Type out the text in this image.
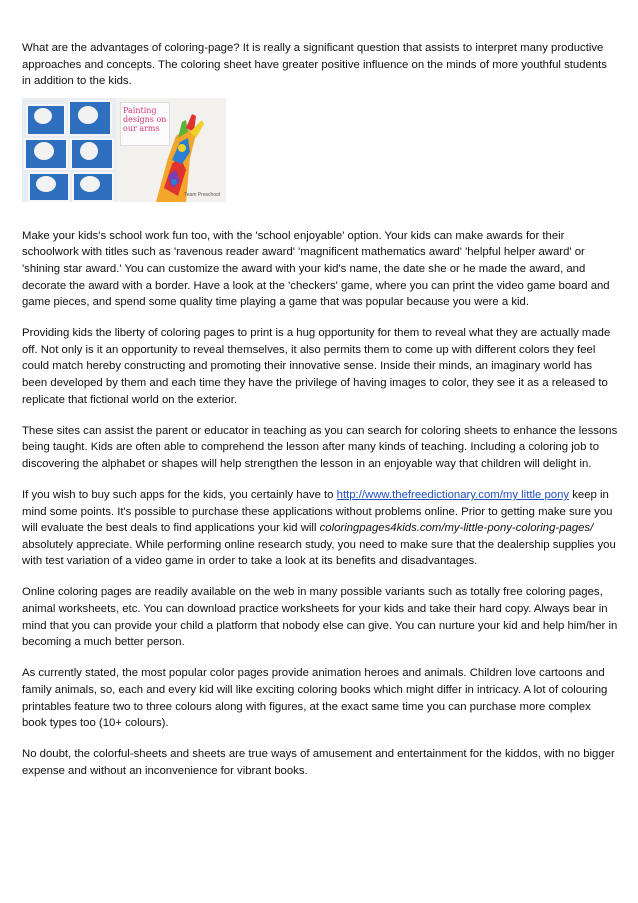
What are the advantages of coloring-page? It is really a significant question that assists to interpret many productive approaches and concepts. The coloring sheet have greater positive influence on the minds of more youthful students in addition to the kids.

Painting designs on our arms
Team Preschool

Make your kids's school work fun too, with the 'school enjoyable' option. Your kids can make awards for their schoolwork with titles such as 'ravenous reader award' 'magnificent mathematics award' 'helpful helper award' or 'shining star award.' You can customize the award with your kid's name, the date she or he made the award, and decorate the award with a border. Have a look at the 'checkers' game, where you can print the video game board and game pieces, and spend some quality time playing a game that was popular because you were a kid.

Providing kids the liberty of coloring pages to print is a hug opportunity for them to reveal what they are actually made off. Not only is it an opportunity to reveal themselves, it also permits them to come up with different colors they feel could match hereby constructing and promoting their innovative sense. Inside their minds, an imaginary world has been developed by them and each time they have the privilege of having images to color, they see it as a released to replicate that fictional world on the exterior.

These sites can assist the parent or educator in teaching as you can search for coloring sheets to enhance the lessons being taught. Kids are often able to comprehend the lesson after many kinds of teaching. Including a coloring job to discovering the alphabet or shapes will help strengthen the lesson in an enjoyable way that children will delight in.

If you wish to buy such apps for the kids, you certainly have to http://www.thefreedictionary.com/my little pony keep in mind some points. It's possible to purchase these applications without problems online. Prior to getting make sure you will evaluate the best deals to find applications your kid will coloringpages4kids.com/my-little-pony-coloring-pages/ absolutely appreciate. While performing online research study, you need to make sure that the dealership supplies you with test variation of a video game in order to take a look at its benefits and disadvantages.

Online coloring pages are readily available on the web in many possible variants such as totally free coloring pages, animal worksheets, etc. You can download practice worksheets for your kids and take their hard copy. Always bear in mind that you can provide your child a platform that nobody else can give. You can nurture your kid and help him/her in becoming a much better person.

As currently stated, the most popular color pages provide animation heroes and animals. Children love cartoons and family animals, so, each and every kid will like exciting coloring books which might differ in intricacy. A lot of colouring printables feature two to three colours along with figures, at the exact same time you can purchase more complex book types too (10+ colours).

No doubt, the colorful-sheets and sheets are true ways of amusement and entertainment for the kiddos, with no bigger expense and without an inconvenience for vibrant books.
